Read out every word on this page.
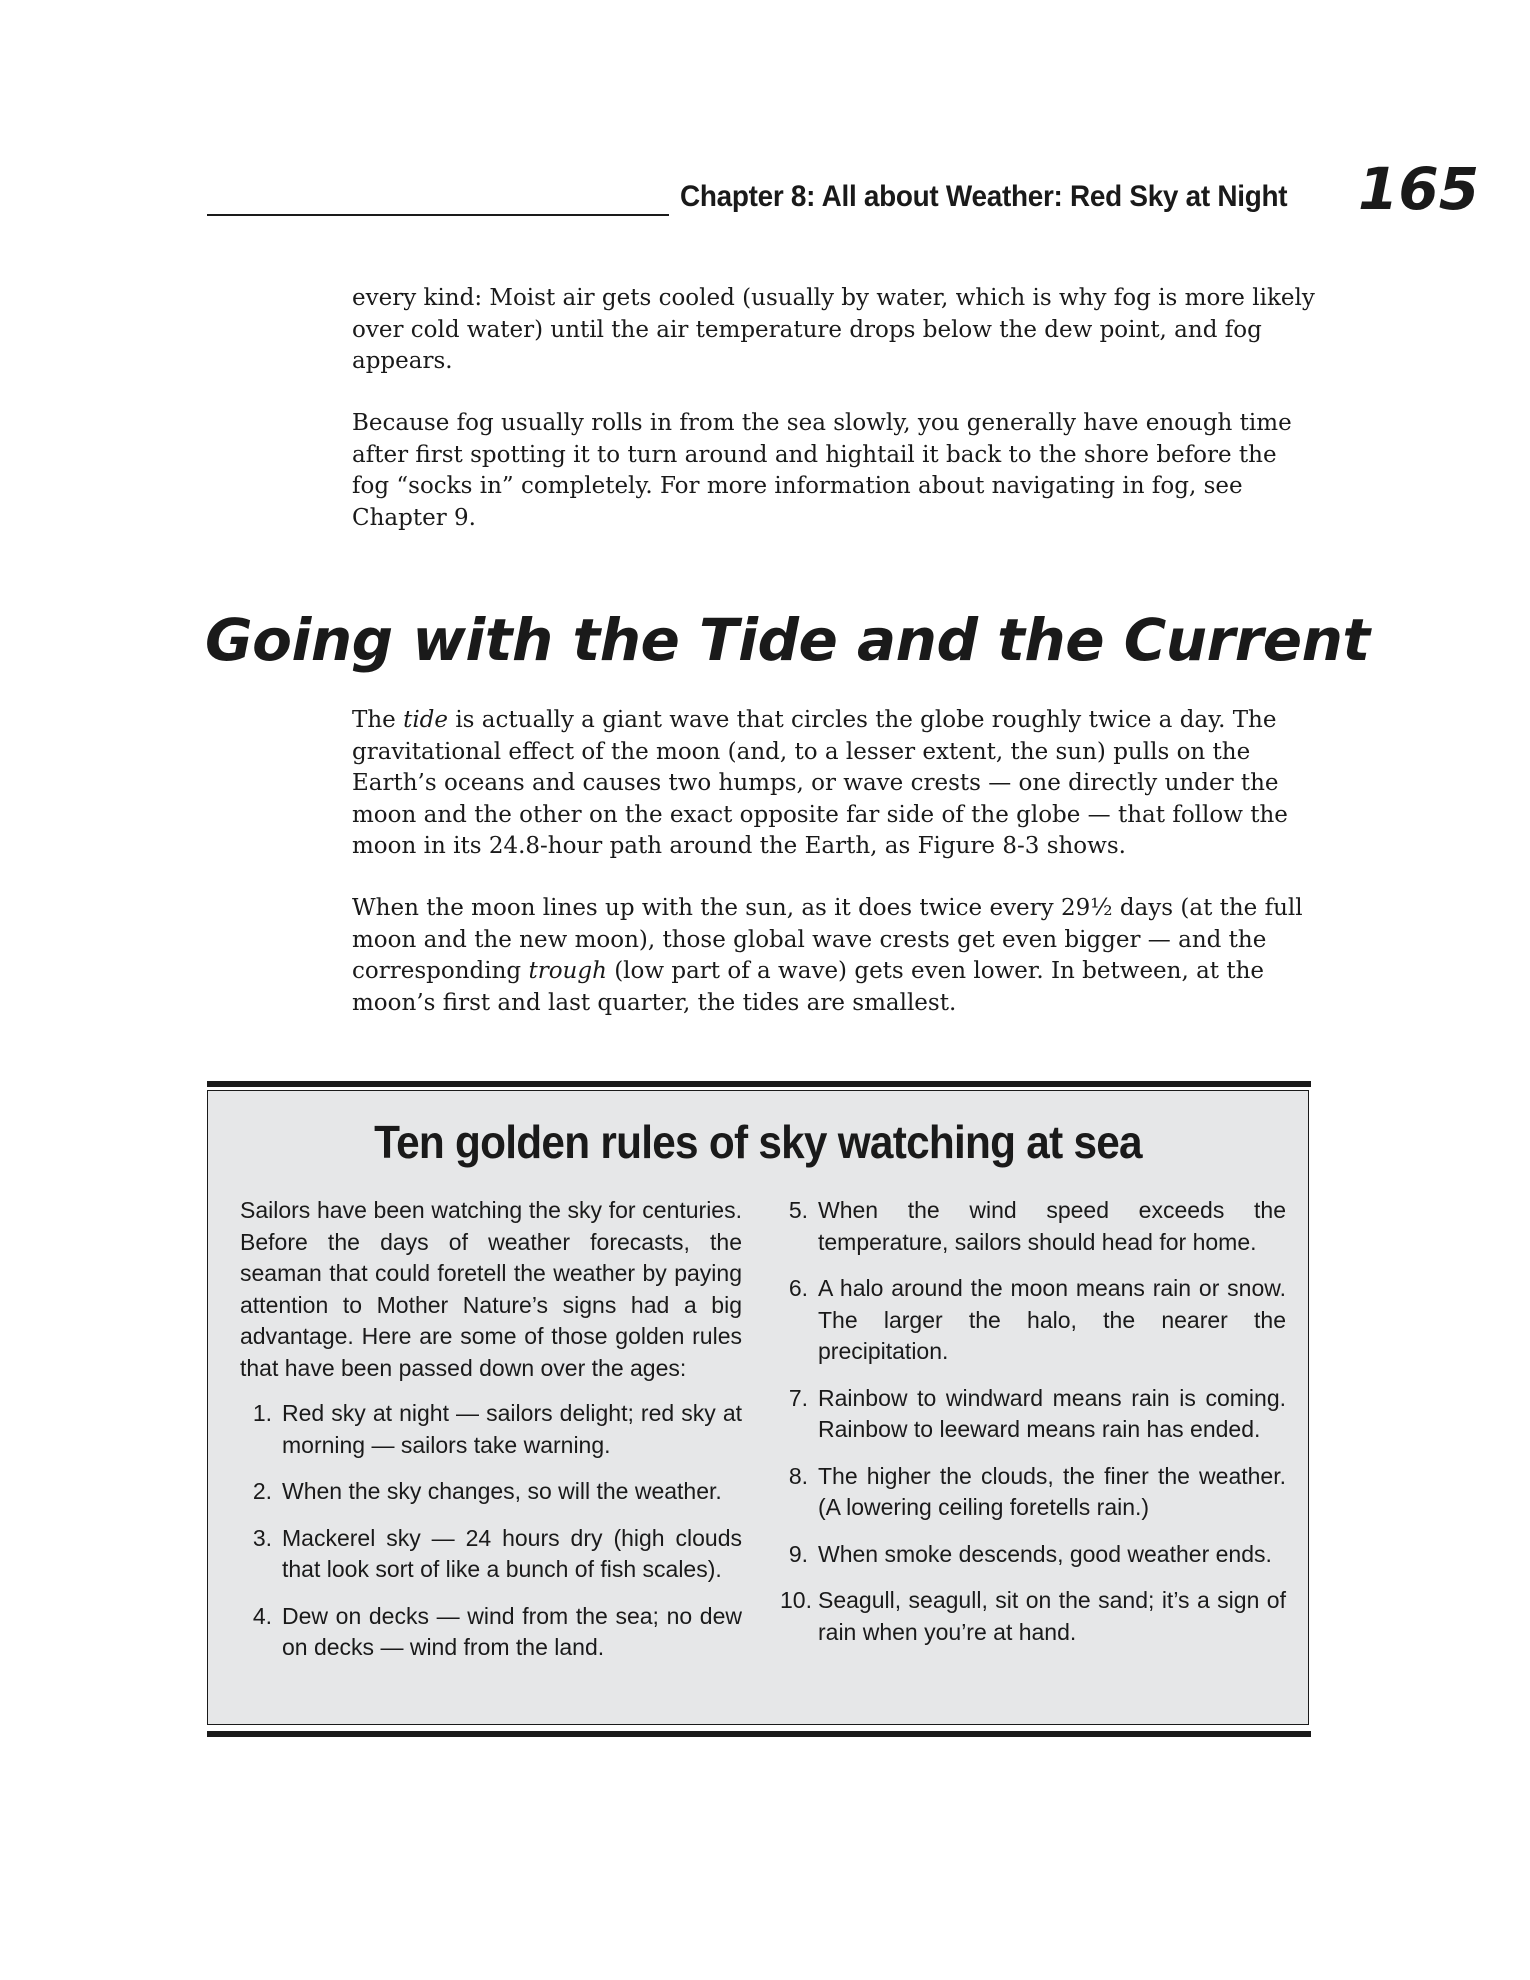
Chapter 8: All about Weather: Red Sky at Night 165

every kind: Moist air gets cooled (usually by water, which is why fog is more likely over cold water) until the air temperature drops below the dew point, and fog appears.

Because fog usually rolls in from the sea slowly, you generally have enough time after first spotting it to turn around and hightail it back to the shore before the fog “socks in” completely. For more information about navigating in fog, see Chapter 9.

Going with the Tide and the Current

The tide is actually a giant wave that circles the globe roughly twice a day. The gravitational effect of the moon (and, to a lesser extent, the sun) pulls on the Earth’s oceans and causes two humps, or wave crests — one directly under the moon and the other on the exact opposite far side of the globe — that follow the moon in its 24.8-hour path around the Earth, as Figure 8-3 shows.

When the moon lines up with the sun, as it does twice every 29½ days (at the full moon and the new moon), those global wave crests get even bigger — and the corresponding trough (low part of a wave) gets even lower. In between, at the moon’s first and last quarter, the tides are smallest.

Ten golden rules of sky watching at sea

Sailors have been watching the sky for centuries. Before the days of weather forecasts, the seaman that could foretell the weather by paying attention to Mother Nature’s signs had a big advantage. Here are some of those golden rules that have been passed down over the ages:

1. Red sky at night — sailors delight; red sky at morning — sailors take warning.
2. When the sky changes, so will the weather.
3. Mackerel sky — 24 hours dry (high clouds that look sort of like a bunch of fish scales).
4. Dew on decks — wind from the sea; no dew on decks — wind from the land.
5. When the wind speed exceeds the temperature, sailors should head for home.
6. A halo around the moon means rain or snow. The larger the halo, the nearer the precipitation.
7. Rainbow to windward means rain is coming. Rainbow to leeward means rain has ended.
8. The higher the clouds, the finer the weather. (A lowering ceiling foretells rain.)
9. When smoke descends, good weather ends.
10. Seagull, seagull, sit on the sand; it’s a sign of rain when you’re at hand.
